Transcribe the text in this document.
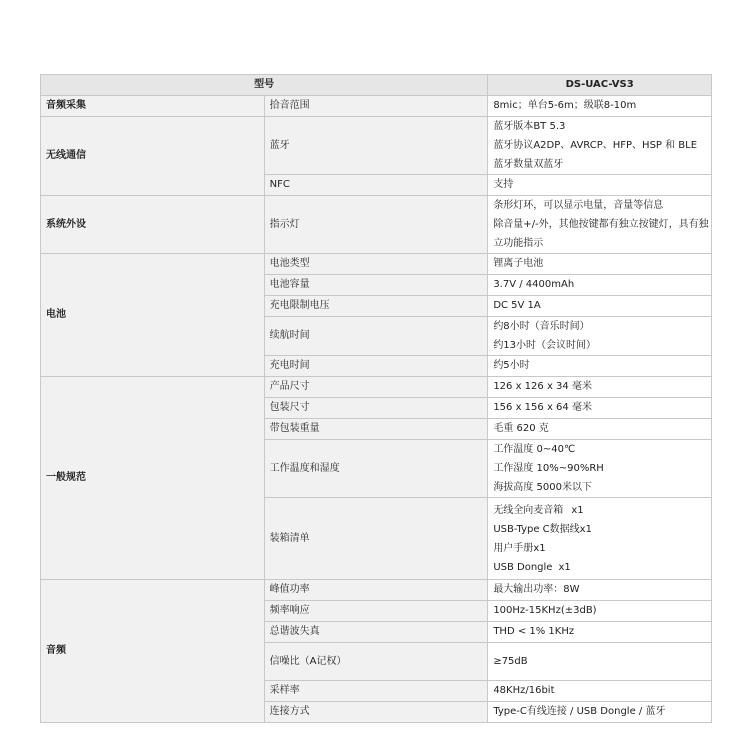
型号		DS-UAC-VS3
音频采集	拾音范围	8mic；单台5-6m；级联8-10m
无线通信	蓝牙	蓝牙版本BT 5.3
蓝牙协议A2DP、AVRCP、HFP、HSP 和 BLE
蓝牙数量双蓝牙

	NFC	支持
系统外设	指示灯	条形灯环，可以显示电量，音量等信息
除音量+/-外，其他按键都有独立按键灯，具有独立功能指示

电池	电池类型	锂离子电池
	电池容量	3.7V / 4400mAh
	充电限制电压	DC 5V 1A
	续航时间	约8小时（音乐时间）
约13小时（会议时间）

	充电时间	约5小时
一般规范	产品尺寸	126 x 126 x 34 毫米
	包装尺寸	156 x 156 x 64 毫米
	带包装重量	毛重 620 克
	工作温度和湿度	工作温度 0~40℃
工作湿度 10%~90%RH
海拔高度 5000米以下

	装箱清单	无线全向麦音箱 x1
USB-Type C数据线x1
用户手册x1
USB Dongle x1

音频	峰值功率	最大输出功率：8W
	频率响应	100Hz-15KHz(±3dB)
	总谐波失真	THD < 1% 1KHz
	信噪比（A记权）	≥75dB
	采样率	48KHz/16bit
	连接方式	Type-C有线连接 / USB Dongle / 蓝牙
